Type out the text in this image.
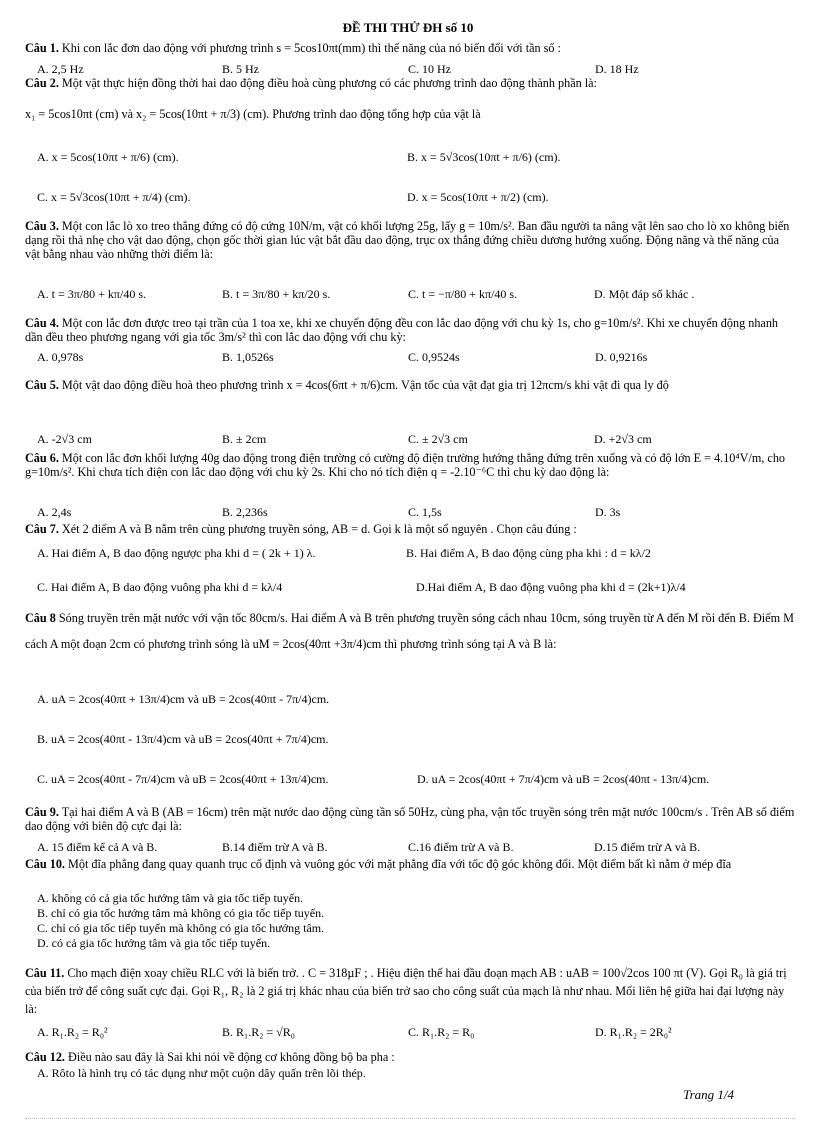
ĐỀ THI THỬ ĐH số 10
Câu 1. Khi con lắc đơn dao động với phương trình s = 5cos10πt(mm) thì thế năng của nó biến đổi với tần số :
A. 2,5 Hz	B. 5 Hz	C. 10 Hz	D. 18 Hz
Câu 2. Một vật thực hiện đồng thời hai dao động điều hoà cùng phương có các phương trình dao động thành phần là:
x₁ = 5cos10πt (cm) và x₂ = 5cos(10πt + π/3) (cm). Phương trình dao động tổng hợp của vật là
A. x = 5cos(10πt + π/6) (cm).	B. x = 5√3cos(10πt + π/6) (cm).
C. x = 5√3cos(10πt + π/4) (cm).	D. x = 5cos(10πt + π/2) (cm).
Câu 3. Một con lắc lò xo treo thẳng đứng có độ cứng 10N/m, vật có khối lượng 25g, lấy g = 10m/s². Ban đầu người ta nâng vật lên sao cho lò xo không biến dạng rồi thả nhẹ cho vật dao động, chọn gốc thời gian lúc vật bắt đầu dao động, trục ox thẳng đứng chiều dương hướng xuống. Động năng và thế năng của vật bằng nhau vào những thời điểm là:
A. t = 3π/80 + kπ/40 s.	B. t = 3π/80 + kπ/20 s.	C. t = −π/80 + kπ/40 s.	D. Một đáp số khác .
Câu 4. Một con lắc đơn được treo tại trần của 1 toa xe, khi xe chuyển động đều con lắc dao động với chu kỳ 1s, cho g=10m/s². Khi xe chuyển động nhanh dần đều theo phương ngang với gia tốc 3m/s² thì con lắc dao động với chu kỳ:
A. 0,978s	B. 1,0526s	C. 0,9524s	D. 0,9216s
Câu 5. Một vật dao động điều hoà theo phương trình x = 4cos(6πt + π/6)cm. Vận tốc của vật đạt gia trị 12πcm/s khi vật đi qua ly độ
A. -2√3 cm	B. ± 2cm	C. ± 2√3 cm	D. +2√3 cm
Câu 6. Một con lắc đơn khối lượng 40g dao động trong điện trường có cường độ điện trường hướng thẳng đứng trên xuống và có độ lớn E = 4.10⁴V/m, cho g=10m/s². Khi chưa tích điện con lắc dao động với chu kỳ 2s. Khi cho nó tích điện q = -2.10⁻⁶C thì chu kỳ dao động là:
A. 2,4s	B. 2,236s	C. 1,5s	D. 3s
Câu 7. Xét 2 điểm A và B nằm trên cùng phương truyền sóng, AB = d. Gọi k là một số nguyên . Chọn câu đúng :
A. Hai điểm A, B dao động ngược pha khi d = ( 2k + 1) λ.	B. Hai điểm A, B dao động cùng pha khi : d = kλ/2
C. Hai điểm A, B dao động vuông pha khi d = kλ/4	D.Hai điểm A, B dao động vuông pha khi d = (2k+1)λ/4
Câu 8 Sóng truyền trên mặt nước với vận tốc 80cm/s. Hai điểm A và B trên phương truyền sóng cách nhau 10cm, sóng truyền từ A đến M rồi đến B. Điểm M cách A một đoạn 2cm có phương trình sóng là uM = 2cos(40πt +3π/4)cm thì phương trình sóng tại A và B là:
A. uA = 2cos(40πt + 13π/4)cm và uB = 2cos(40πt - 7π/4)cm.
B. uA = 2cos(40πt - 13π/4)cm và uB = 2cos(40πt + 7π/4)cm.
C. uA = 2cos(40πt - 7π/4)cm và uB = 2cos(40πt + 13π/4)cm.	D. uA = 2cos(40πt + 7π/4)cm và uB = 2cos(40πt - 13π/4)cm.
Câu 9. Tại hai điểm A và B (AB = 16cm) trên mặt nước dao động cùng tần số 50Hz, cùng pha, vận tốc truyền sóng trên mặt nước 100cm/s . Trên AB số điểm dao động với biên độ cực đại là:
A. 15 điểm kể cả A và B.	B.14 điểm trừ A và B.	C.16 điểm trừ A và B.	D.15 điểm trừ A và B.
Câu 10. Một đĩa phẳng đang quay quanh trục cố định và vuông góc với mặt phẳng đĩa với tốc độ góc không đổi. Một điểm bất kì nằm ở mép đĩa
A. không có cả gia tốc hướng tâm và gia tốc tiếp tuyến.
B. chỉ có gia tốc hướng tâm mà không có gia tốc tiếp tuyến.
C. chỉ có gia tốc tiếp tuyến mà không có gia tốc hướng tâm.
D. có cả gia tốc hướng tâm và gia tốc tiếp tuyến.
Câu 11. Cho mạch điện xoay chiều RLC với là biến trở. . C = 318µF ; . Hiệu điện thế hai đầu đoạn mạch AB : uAB = 100√2cos 100 πt (V). Gọi R₀ là giá trị của biến trở để công suất cực đại. Gọi R₁, R₂ là 2 giá trị khác nhau của biến trở sao cho công suất của mạch là như nhau. Mối liên hệ giữa hai đại lượng này là:
A. R₁.R₂ = R₀²	B. R₁.R₂ = √R₀	C. R₁.R₂ = R₀	D. R₁.R₂ = 2R₀²
Câu 12. Điều nào sau đây là Sai khi nói về động cơ không đồng bộ ba pha :
A. Rôto là hình trụ có tác dụng như một cuộn dây quấn trên lõi thép.
Trang 1/4
